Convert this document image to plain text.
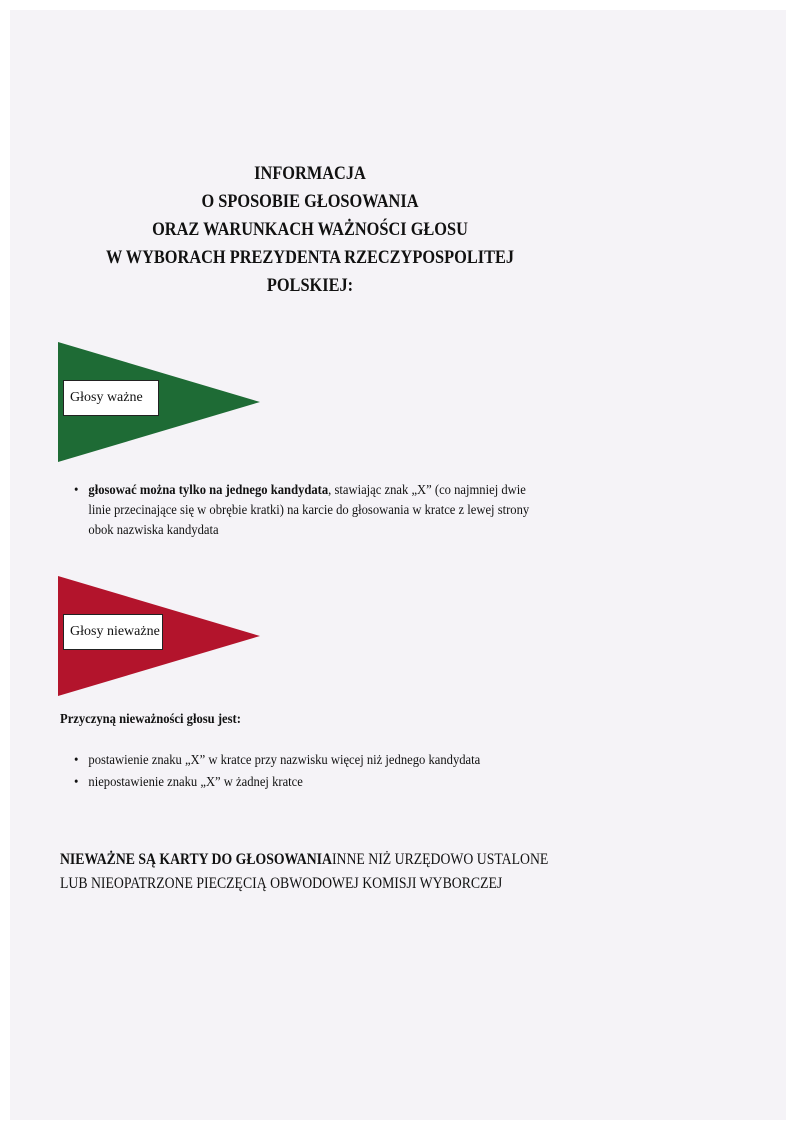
INFORMACJA
O SPOSOBIE GŁOSOWANIA
ORAZ WARUNKACH WAŻNOŚCI GŁOSU
W WYBORACH PREZYDENTA RZECZYPOSPOLITEJ
POLSKIEJ:
Głosy ważne
• głosować można tylko na jednego kandydata, stawiając znak „X” (co najmniej dwie linie przecinające się w obrębie kratki) na karcie do głosowania w kratce z lewej strony obok nazwiska kandydata
Głosy nieważne
Przyczyną nieważności głosu jest:
• postawienie znaku „X” w kratce przy nazwisku więcej niż jednego kandydata
• niepostawienie znaku „X” w żadnej kratce
NIEWAŻNE SĄ KARTY DO GŁOSOWANIA INNE NIŻ URZĘDOWO USTALONE
LUB NIEOPATRZONE PIECZĘCIĄ OBWODOWEJ KOMISJI WYBORCZEJ
